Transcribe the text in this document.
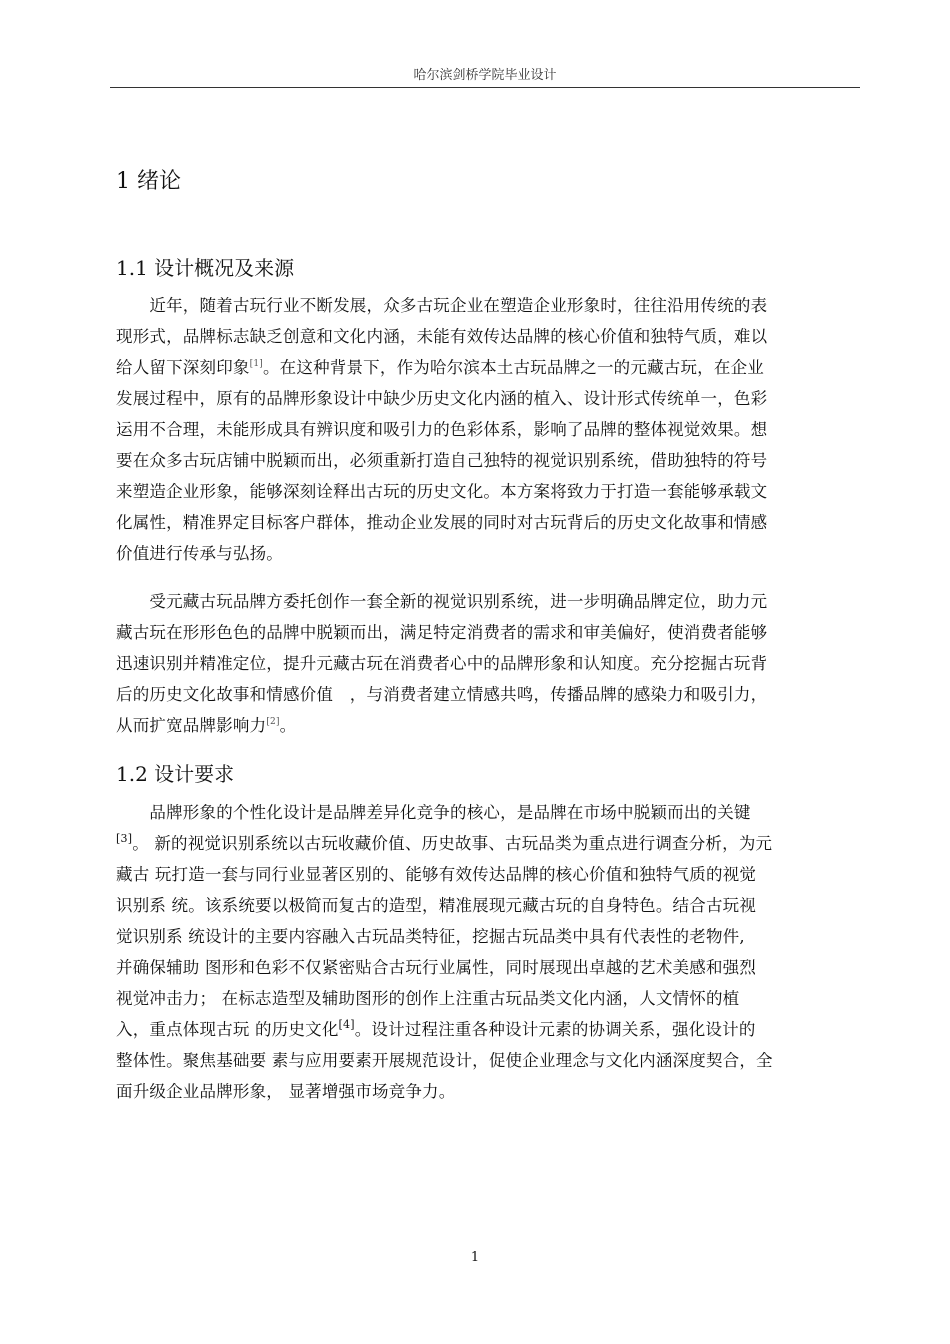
哈尔滨剑桥学院毕业设计
1 绪论
1.1 设计概况及来源
　　近年，随着古玩行业不断发展，众多古玩企业在塑造企业形象时，往往沿用传统的表
现形式，品牌标志缺乏创意和文化内涵，未能有效传达品牌的核心价值和独特气质，难以
给人留下深刻印象[1]。在这种背景下，作为哈尔滨本土古玩品牌之一的元藏古玩，在企业
发展过程中，原有的品牌形象设计中缺少历史文化内涵的植入、设计形式传统单一，色彩
运用不合理，未能形成具有辨识度和吸引力的色彩体系，影响了品牌的整体视觉效果。想
要在众多古玩店铺中脱颖而出，必须重新打造自己独特的视觉识别系统，借助独特的符号
来塑造企业形象，能够深刻诠释出古玩的历史文化。本方案将致力于打造一套能够承载文
化属性，精准界定目标客户群体，推动企业发展的同时对古玩背后的历史文化故事和情感
价值进行传承与弘扬。
　　受元藏古玩品牌方委托创作一套全新的视觉识别系统，进一步明确品牌定位，助力元
藏古玩在形形色色的品牌中脱颖而出，满足特定消费者的需求和审美偏好，使消费者能够
迅速识别并精准定位，提升元藏古玩在消费者心中的品牌形象和认知度。充分挖掘古玩背
后的历史文化故事和情感价值　，与消费者建立情感共鸣，传播品牌的感染力和吸引力，
从而扩宽品牌影响力[2]。
1.2 设计要求
　　品牌形象的个性化设计是品牌差异化竞争的核心，是品牌在市场中脱颖而出的关键
[3]。 新的视觉识别系统以古玩收藏价值、历史故事、古玩品类为重点进行调查分析，为元
藏古 玩打造一套与同行业显著区别的、能够有效传达品牌的核心价值和独特气质的视觉
识别系 统。该系统要以极简而复古的造型，精准展现元藏古玩的自身特色。结合古玩视
觉识别系 统设计的主要内容融入古玩品类特征，挖掘古玩品类中具有代表性的老物件,
并确保辅助 图形和色彩不仅紧密贴合古玩行业属性，同时展现出卓越的艺术美感和强烈
视觉冲击力； 在标志造型及辅助图形的创作上注重古玩品类文化内涵，人文情怀的植
入，重点体现古玩 的历史文化[4]。设计过程注重各种设计元素的协调关系，强化设计的
整体性。聚焦基础要 素与应用要素开展规范设计，促使企业理念与文化内涵深度契合，全
面升级企业品牌形象， 显著增强市场竞争力。
1
